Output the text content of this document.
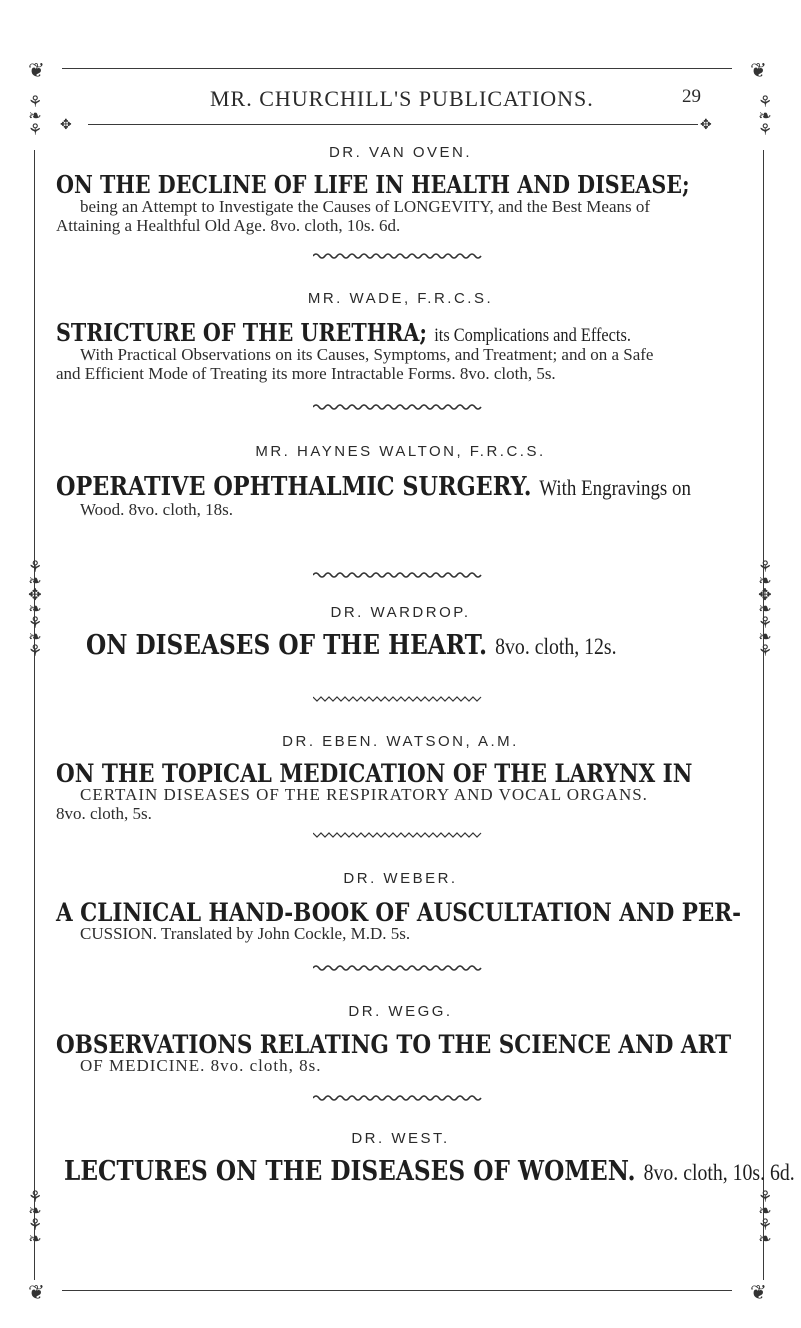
❦	❦
❦	❦
✥	✥
⚘
❧
⚘
⚘
❧
⚘
⚘
❧
✥
❧
⚘
❧
⚘
⚘
❧
✥
❧
⚘
❧
⚘
⚘
❧
⚘
❧
⚘
❧
⚘
❧
MR. CHURCHILL'S PUBLICATIONS.	29
DR. VAN OVEN.
ON THE DECLINE OF LIFE IN HEALTH AND DISEASE;
being an Attempt to Investigate the Causes of LONGEVITY, and the Best Means of
Attaining a Healthful Old Age. 8vo. cloth, 10s. 6d.
MR. WADE, F.R.C.S.
STRICTURE OF THE URETHRA; its Complications and Effects.
With Practical Observations on its Causes, Symptoms, and Treatment; and on a Safe
and Efficient Mode of Treating its more Intractable Forms. 8vo. cloth, 5s.
MR. HAYNES WALTON, F.R.C.S.
OPERATIVE OPHTHALMIC SURGERY. With Engravings on
Wood. 8vo. cloth, 18s.
DR. WARDROP.
ON DISEASES OF THE HEART. 8vo. cloth, 12s.
DR. EBEN. WATSON, A.M.
ON THE TOPICAL MEDICATION OF THE LARYNX IN
CERTAIN DISEASES OF THE RESPIRATORY AND VOCAL ORGANS.
8vo. cloth, 5s.
DR. WEBER.
A CLINICAL HAND-BOOK OF AUSCULTATION AND PER-
CUSSION. Translated by John Cockle, M.D. 5s.
DR. WEGG.
OBSERVATIONS RELATING TO THE SCIENCE AND ART
OF MEDICINE. 8vo. cloth, 8s.
DR. WEST.
LECTURES ON THE DISEASES OF WOMEN. 8vo. cloth, 10s. 6d.
